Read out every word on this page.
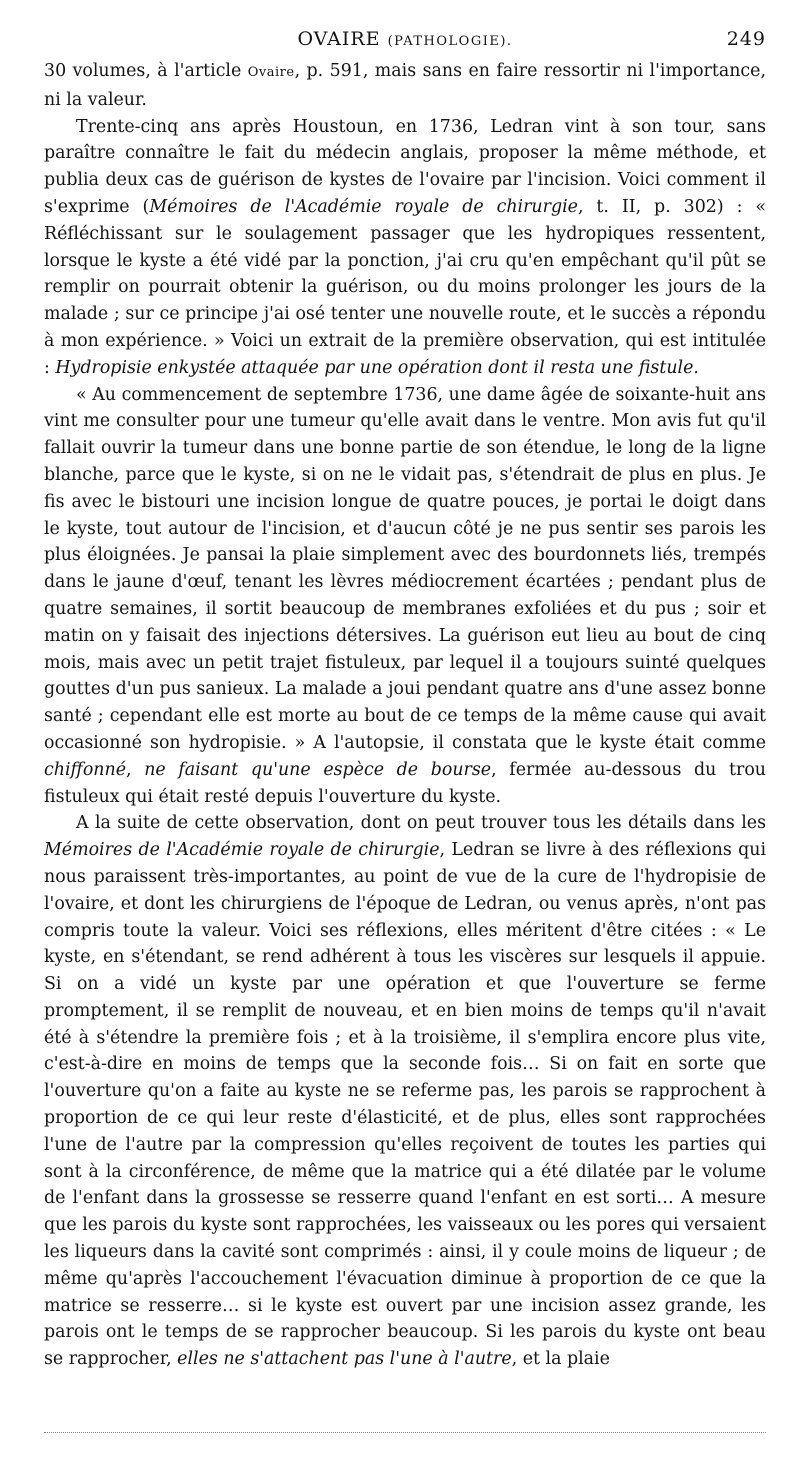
OVAIRE (PATHOLOGIE).	249

30 volumes, à l'article Ovaire, p. 591, mais sans en faire ressortir ni l'importance, ni la valeur.

Trente-cinq ans après Houstoun, en 1736, Ledran vint à son tour, sans paraître connaître le fait du médecin anglais, proposer la même méthode, et publia deux cas de guérison de kystes de l'ovaire par l'incision. Voici comment il s'exprime (Mémoires de l'Académie royale de chirurgie, t. II, p. 302) : « Réfléchissant sur le soulagement passager que les hydropiques ressentent, lorsque le kyste a été vidé par la ponction, j'ai cru qu'en empêchant qu'il pût se remplir on pourrait obtenir la guérison, ou du moins prolonger les jours de la malade ; sur ce principe j'ai osé tenter une nouvelle route, et le succès a répondu à mon expérience. » Voici un extrait de la première observation, qui est intitulée : Hydropisie enkystée attaquée par une opération dont il resta une fistule.

« Au commencement de septembre 1736, une dame âgée de soixante-huit ans vint me consulter pour une tumeur qu'elle avait dans le ventre. Mon avis fut qu'il fallait ouvrir la tumeur dans une bonne partie de son étendue, le long de la ligne blanche, parce que le kyste, si on ne le vidait pas, s'étendrait de plus en plus. Je fis avec le bistouri une incision longue de quatre pouces, je portai le doigt dans le kyste, tout autour de l'incision, et d'aucun côté je ne pus sentir ses parois les plus éloignées. Je pansai la plaie simplement avec des bourdonnets liés, trempés dans le jaune d'œuf, tenant les lèvres médiocrement écartées ; pendant plus de quatre semaines, il sortit beaucoup de membranes exfoliées et du pus ; soir et matin on y faisait des injections détersives. La guérison eut lieu au bout de cinq mois, mais avec un petit trajet fistuleux, par lequel il a toujours suinté quelques gouttes d'un pus sanieux. La malade a joui pendant quatre ans d'une assez bonne santé ; cependant elle est morte au bout de ce temps de la même cause qui avait occasionné son hydropisie. » A l'autopsie, il constata que le kyste était comme chiffonné, ne faisant qu'une espèce de bourse, fermée au-dessous du trou fistuleux qui était resté depuis l'ouverture du kyste.

A la suite de cette observation, dont on peut trouver tous les détails dans les Mémoires de l'Académie royale de chirurgie, Ledran se livre à des réflexions qui nous paraissent très-importantes, au point de vue de la cure de l'hydropisie de l'ovaire, et dont les chirurgiens de l'époque de Ledran, ou venus après, n'ont pas compris toute la valeur. Voici ses réflexions, elles méritent d'être citées : « Le kyste, en s'étendant, se rend adhérent à tous les viscères sur lesquels il appuie. Si on a vidé un kyste par une opération et que l'ouverture se ferme promptement, il se remplit de nouveau, et en bien moins de temps qu'il n'avait été à s'étendre la première fois ; et à la troisième, il s'emplira encore plus vite, c'est-à-dire en moins de temps que la seconde fois… Si on fait en sorte que l'ouverture qu'on a faite au kyste ne se referme pas, les parois se rapprochent à proportion de ce qui leur reste d'élasticité, et de plus, elles sont rapprochées l'une de l'autre par la compression qu'elles reçoivent de toutes les parties qui sont à la circonférence, de même que la matrice qui a été dilatée par le volume de l'enfant dans la grossesse se resserre quand l'enfant en est sorti… A mesure que les parois du kyste sont rapprochées, les vaisseaux ou les pores qui versaient les liqueurs dans la cavité sont comprimés : ainsi, il y coule moins de liqueur ; de même qu'après l'accouchement l'évacuation diminue à proportion de ce que la matrice se resserre… si le kyste est ouvert par une incision assez grande, les parois ont le temps de se rapprocher beaucoup. Si les parois du kyste ont beau se rapprocher, elles ne s'attachent pas l'une à l'autre, et la plaie
